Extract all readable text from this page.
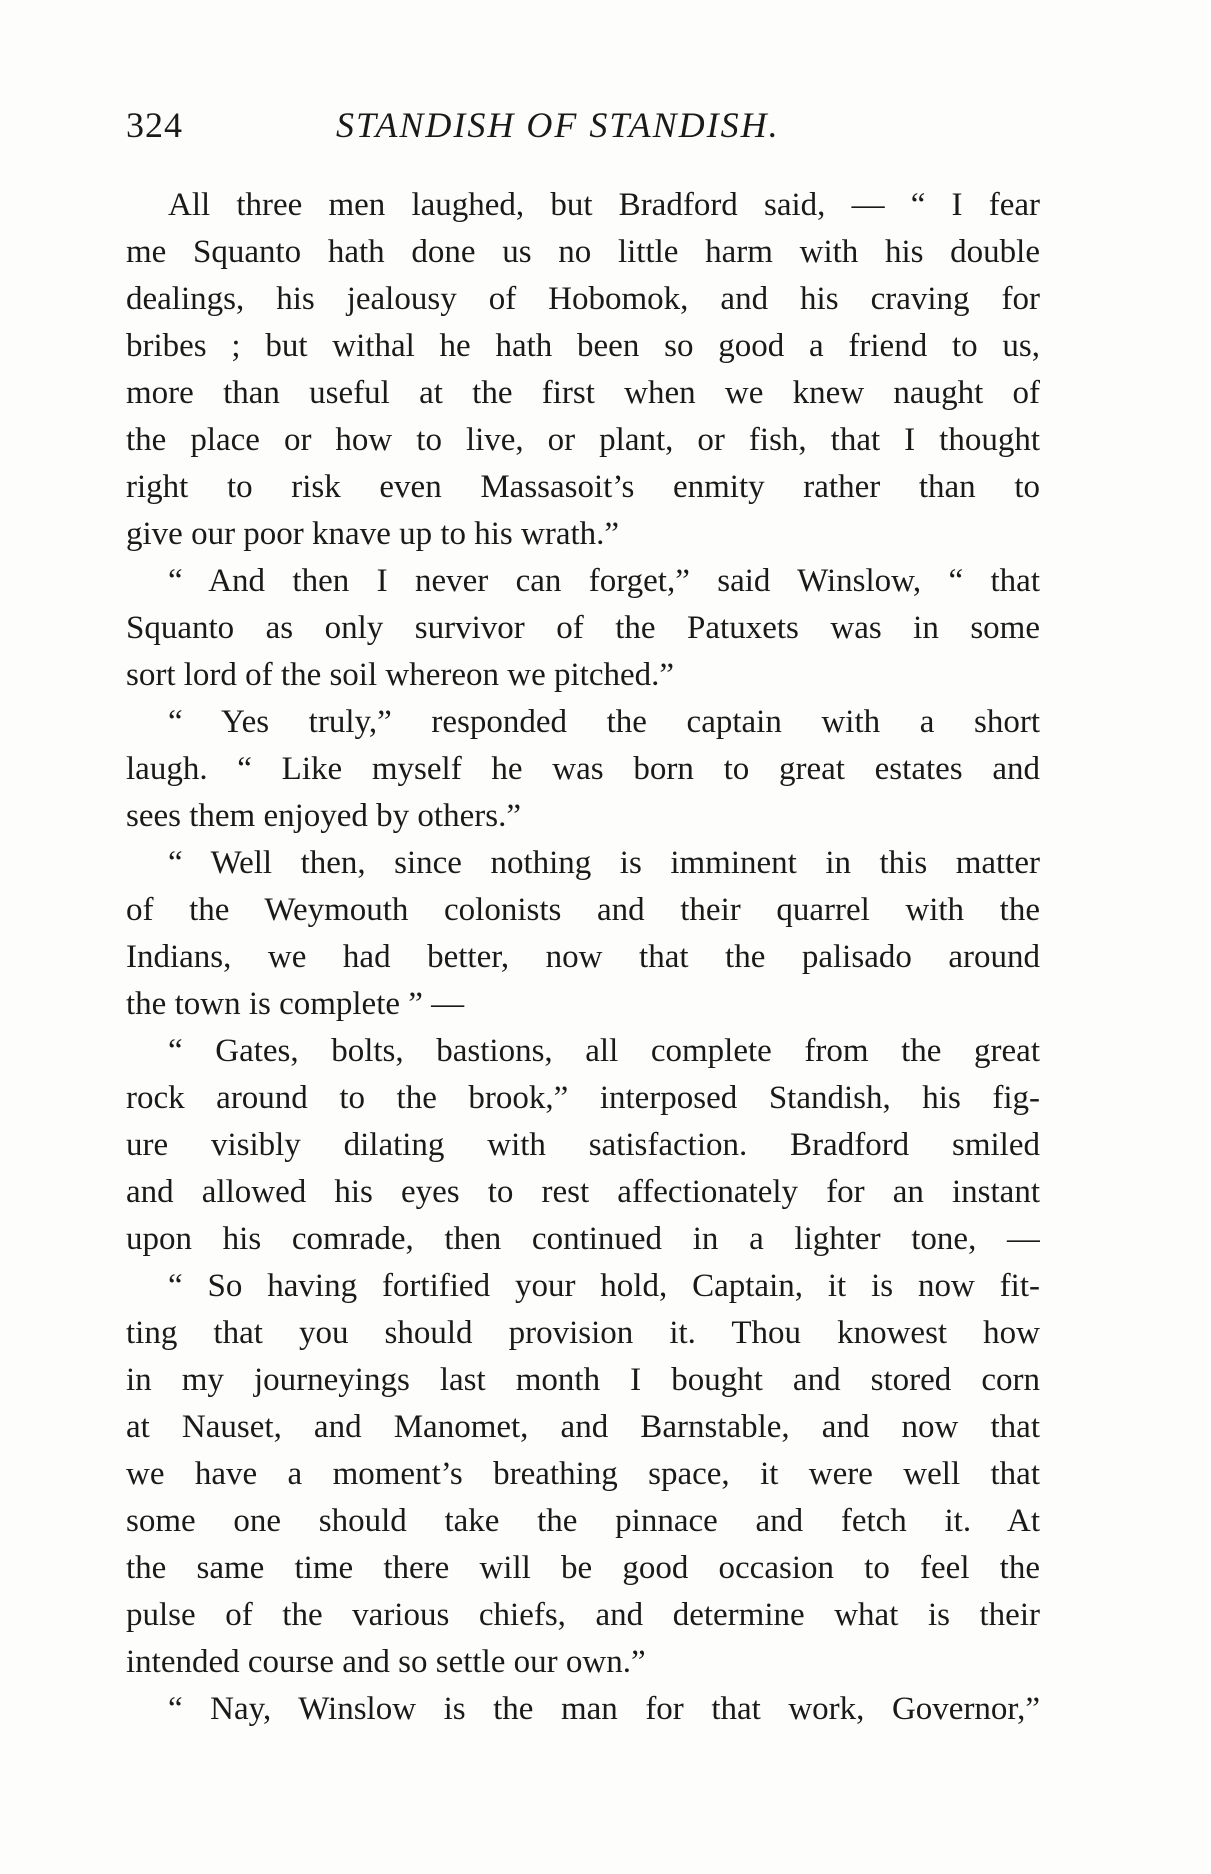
324	STANDISH OF STANDISH.
All three men laughed, but Bradford said, — “ I fear
me Squanto hath done us no little harm with his double
dealings, his jealousy of Hobomok, and his craving for
bribes ; but withal he hath been so good a friend to us,
more than useful at the first when we knew naught of
the place or how to live, or plant, or fish, that I thought
right to risk even Massasoit’s enmity rather than to
give our poor knave up to his wrath.”
“ And then I never can forget,” said Winslow, “ that
Squanto as only survivor of the Patuxets was in some
sort lord of the soil whereon we pitched.”
“ Yes truly,” responded the captain with a short
laugh. “ Like myself he was born to great estates and
sees them enjoyed by others.”
“ Well then, since nothing is imminent in this matter
of the Weymouth colonists and their quarrel with the
Indians, we had better, now that the palisado around
the town is complete ” —
“ Gates, bolts, bastions, all complete from the great
rock around to the brook,” interposed Standish, his fig-
ure visibly dilating with satisfaction. Bradford smiled
and allowed his eyes to rest affectionately for an instant
upon his comrade, then continued in a lighter tone, —
“ So having fortified your hold, Captain, it is now fit-
ting that you should provision it. Thou knowest how
in my journeyings last month I bought and stored corn
at Nauset, and Manomet, and Barnstable, and now that
we have a moment’s breathing space, it were well that
some one should take the pinnace and fetch it. At
the same time there will be good occasion to feel the
pulse of the various chiefs, and determine what is their
intended course and so settle our own.”
“ Nay, Winslow is the man for that work, Governor,”
